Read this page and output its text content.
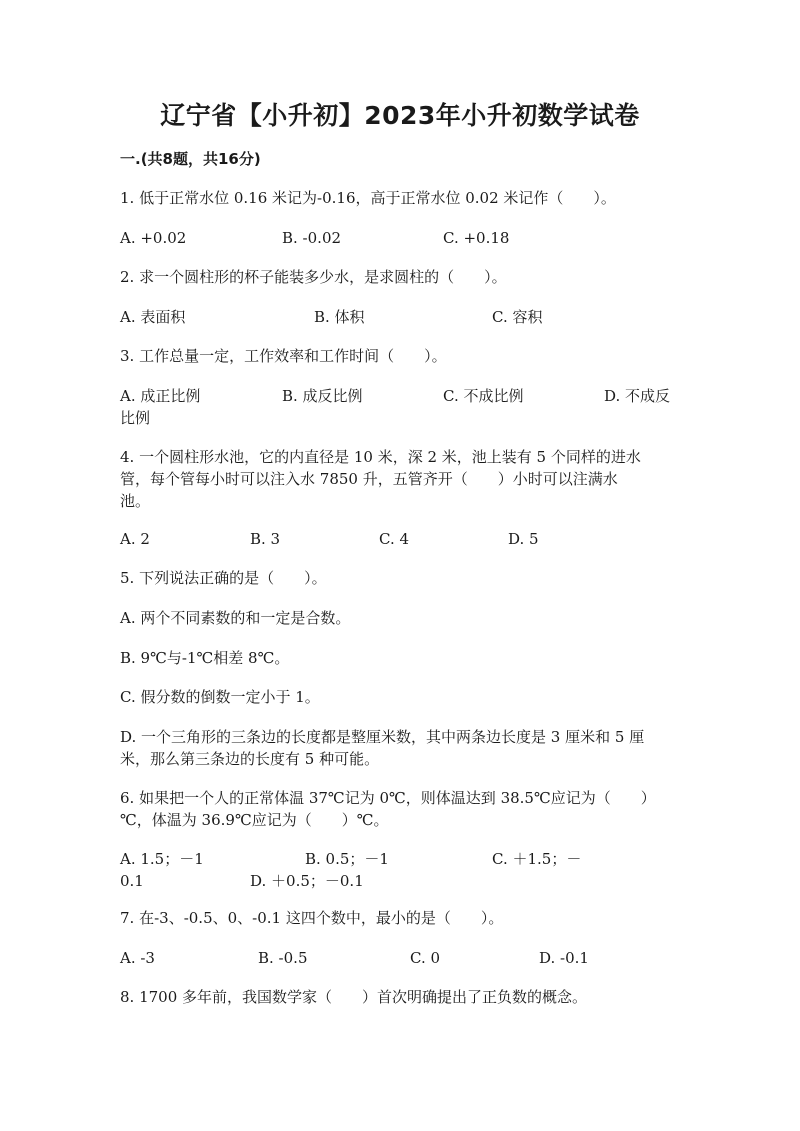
辽宁省【小升初】2023年小升初数学试卷
一.(共8题，共16分)
1. 低于正常水位 0.16 米记为-0.16，高于正常水位 0.02 米记作（　　）。
A. +0.02	B. -0.02	C. +0.18
2. 求一个圆柱形的杯子能装多少水，是求圆柱的（　　）。
A. 表面积	B. 体积	C. 容积
3. 工作总量一定，工作效率和工作时间（　　）。
A. 成正比例	B. 成反比例	C. 不成比例	D. 不成反
比例
4. 一个圆柱形水池，它的内直径是 10 米，深 2 米，池上装有 5 个同样的进水
管，每个管每小时可以注入水 7850 升，五管齐开（　　）小时可以注满水
池。
A. 2	B. 3	C. 4	D. 5
5. 下列说法正确的是（　　）。
A. 两个不同素数的和一定是合数。
B. 9℃与-1℃相差 8℃。
C. 假分数的倒数一定小于 1。
D. 一个三角形的三条边的长度都是整厘米数，其中两条边长度是 3 厘米和 5 厘
米，那么第三条边的长度有 5 种可能。
6. 如果把一个人的正常体温 37℃记为 0℃，则体温达到 38.5℃应记为（　　）
℃，体温为 36.9℃应记为（　　）℃。
A. 1.5；－1	B. 0.5；－1	C. ＋1.5；－
0.1	D. ＋0.5；－0.1
7. 在-3、-0.5、0、-0.1 这四个数中，最小的是（　　）。
A. -3	B. -0.5	C. 0	D. -0.1
8. 1700 多年前，我国数学家（　　）首次明确提出了正负数的概念。
